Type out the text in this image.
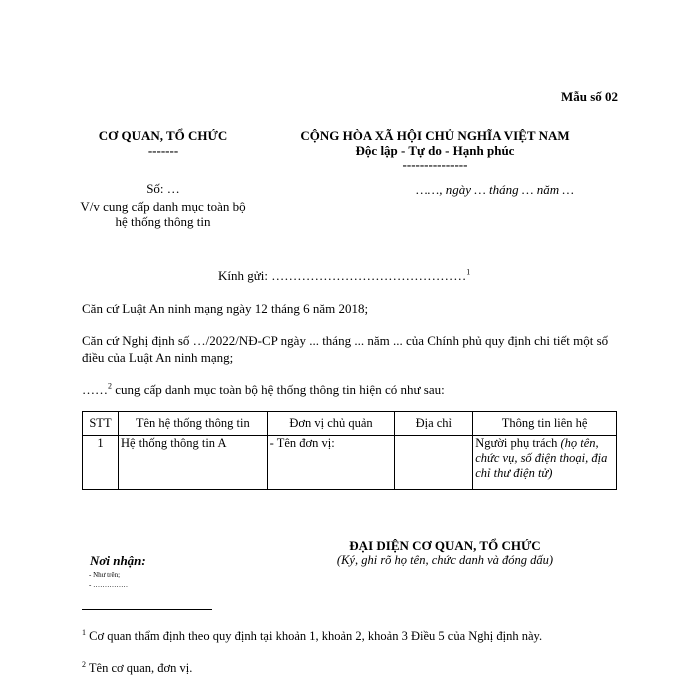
Mẫu số 02
CƠ QUAN, TỔ CHỨC
-------
Số: …
V/v cung cấp danh mục toàn bộ
hệ thống thông tin
CỘNG HÒA XÃ HỘI CHỦ NGHĨA VIỆT NAM
Độc lập - Tự do - Hạnh phúc
---------------
……, ngày … tháng … năm …
Kính gửi: ………………………………………$^1$
Căn cứ Luật An ninh mạng ngày 12 tháng 6 năm 2018;
Căn cứ Nghị định số …/2022/NĐ-CP ngày ... tháng ... năm ... của Chính phủ quy định chi tiết một số điều của Luật An ninh mạng;
……$^2$ cung cấp danh mục toàn bộ hệ thống thông tin hiện có như sau:
STT	Tên hệ thống thông tin	Đơn vị chủ quản	Địa chỉ	Thông tin liên hệ
1	Hệ thống thông tin A	- Tên đơn vị:		Người phụ trách (họ tên, chức vụ, số điện thoại, địa chỉ thư điện tử)
ĐẠI DIỆN CƠ QUAN, TỔ CHỨC
(Ký, ghi rõ họ tên, chức danh và đóng dấu)
Nơi nhận:
- Như trên;
- ……………
$^1$ Cơ quan thẩm định theo quy định tại khoản 1, khoản 2, khoản 3 Điều 5 của Nghị định này.
$^2$ Tên cơ quan, đơn vị.
